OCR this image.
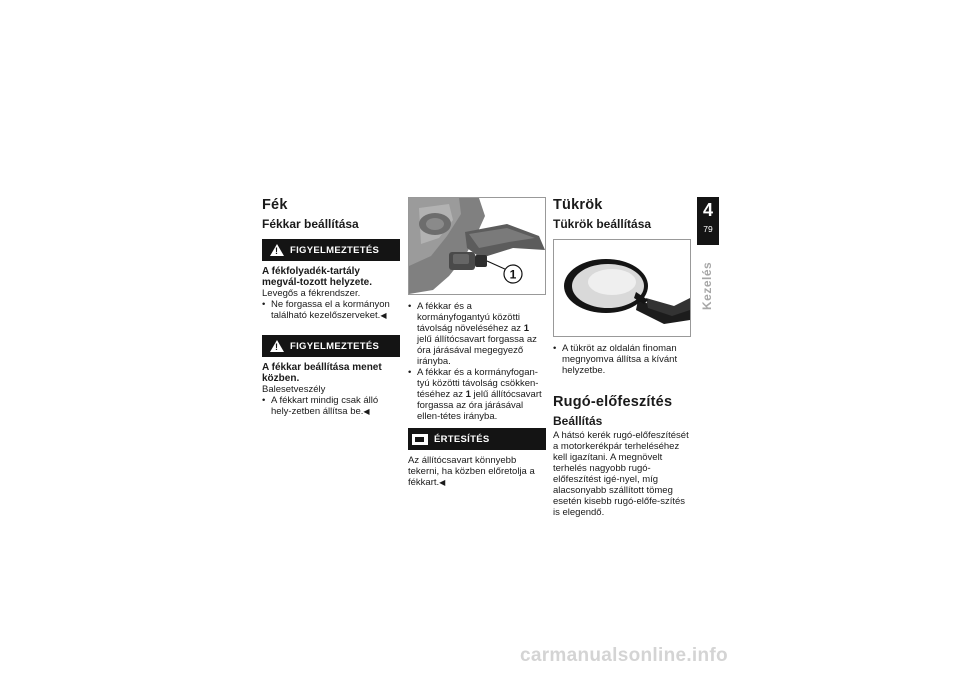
Fék
Fékkar beállítása
!
FIGYELMEZTETÉS

A fékfolyadék-tartály megvál-tozott helyzete.

Levegős a fékrendszer.

• Ne forgassa el a kormányon található kezelőszerveket.◀
!
FIGYELMEZTETÉS

A fékkar beállítása menet közben.

Balesetveszély

• A fékkart mindig csak álló hely-zetben állítsa be.◀
1
• A fékkar és a kormányfogantyú közötti távolság növeléséhez az 1 jelű állítócsavart forgassa az óra járásával megegyező irányba.
• A fékkar és a kormányfogan-tyú közötti távolság csökken-téséhez az 1 jelű állítócsavart forgassa az óra járásával ellen-tétes irányba.
ÉRTESÍTÉS

Az állítócsavart könnyebb tekerni, ha közben előretolja a fékkart.◀

Tükrök
Tükrök beállítása
• A tükröt az oldalán finoman megnyomva állítsa a kívánt helyzetbe.
Rugó-előfeszítés
Beállítás

A hátsó kerék rugó-előfeszítését a motorkerékpár terheléséhez kell igazítani. A megnövelt terhelés nagyobb rugó-előfeszítést igé-nyel, míg alacsonyabb szállított tömeg esetén kisebb rugó-előfe-szítés is elegendő.

4
79
Kezelés
carmanualsonline.info
